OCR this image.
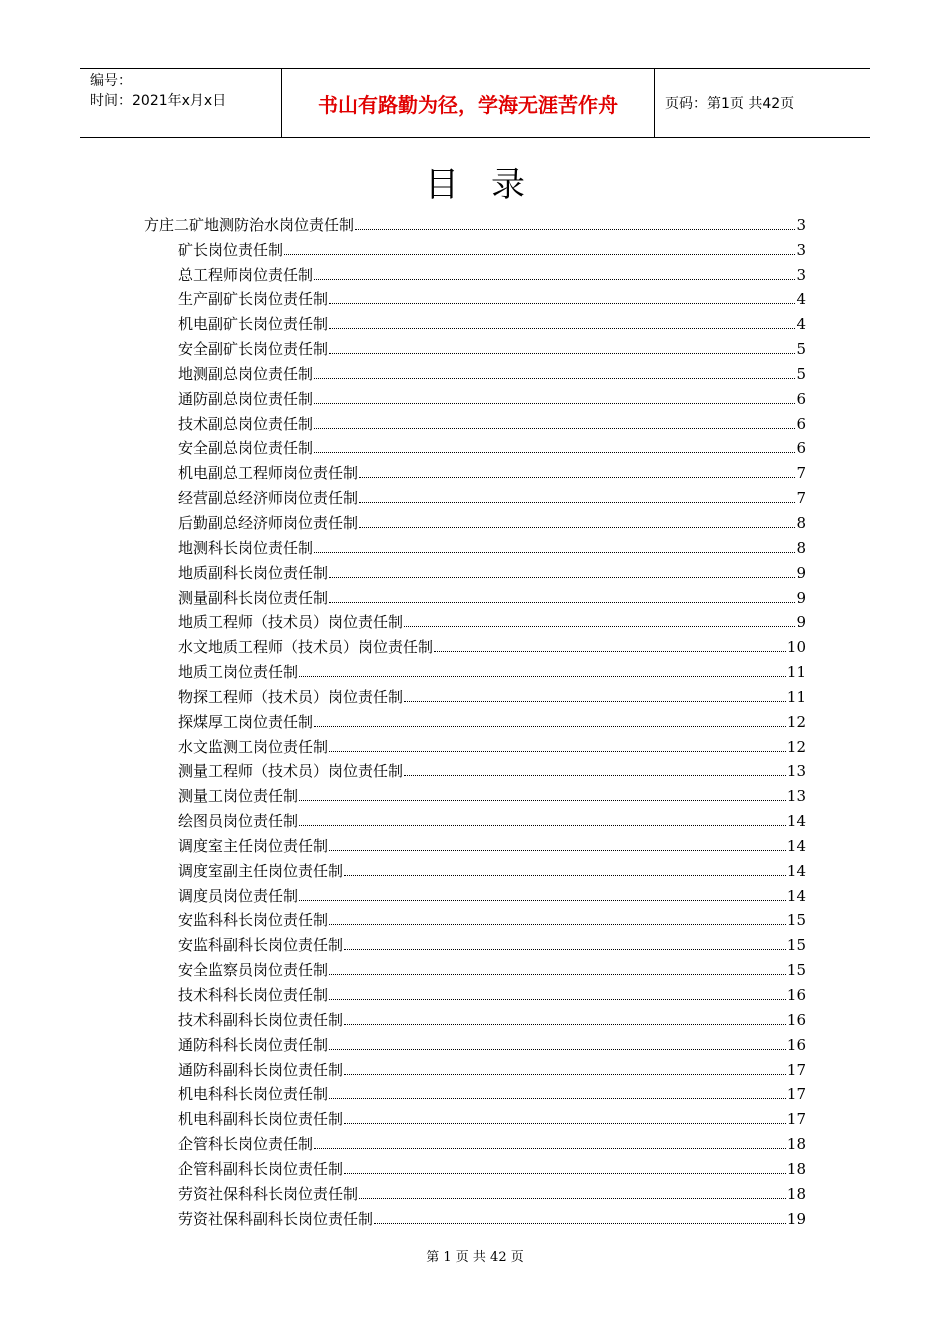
编号：
时间：2021年x月x日	书山有路勤为径，学海无涯苦作舟	页码：第1页 共42页
目录
方庄二矿地测防治水岗位责任制	3
矿长岗位责任制	3
总工程师岗位责任制	3
生产副矿长岗位责任制	4
机电副矿长岗位责任制	4
安全副矿长岗位责任制	5
地测副总岗位责任制	5
通防副总岗位责任制	6
技术副总岗位责任制	6
安全副总岗位责任制	6
机电副总工程师岗位责任制	7
经营副总经济师岗位责任制	7
后勤副总经济师岗位责任制	8
地测科长岗位责任制	8
地质副科长岗位责任制	9
测量副科长岗位责任制	9
地质工程师（技术员）岗位责任制	9
水文地质工程师（技术员）岗位责任制	10
地质工岗位责任制	11
物探工程师（技术员）岗位责任制	11
探煤厚工岗位责任制	12
水文监测工岗位责任制	12
测量工程师（技术员）岗位责任制	13
测量工岗位责任制	13
绘图员岗位责任制	14
调度室主任岗位责任制	14
调度室副主任岗位责任制	14
调度员岗位责任制	14
安监科科长岗位责任制	15
安监科副科长岗位责任制	15
安全监察员岗位责任制	15
技术科科长岗位责任制	16
技术科副科长岗位责任制	16
通防科科长岗位责任制	16
通防科副科长岗位责任制	17
机电科科长岗位责任制	17
机电科副科长岗位责任制	17
企管科长岗位责任制	18
企管科副科长岗位责任制	18
劳资社保科科长岗位责任制	18
劳资社保科副科长岗位责任制	19
第 1 页 共 42 页
